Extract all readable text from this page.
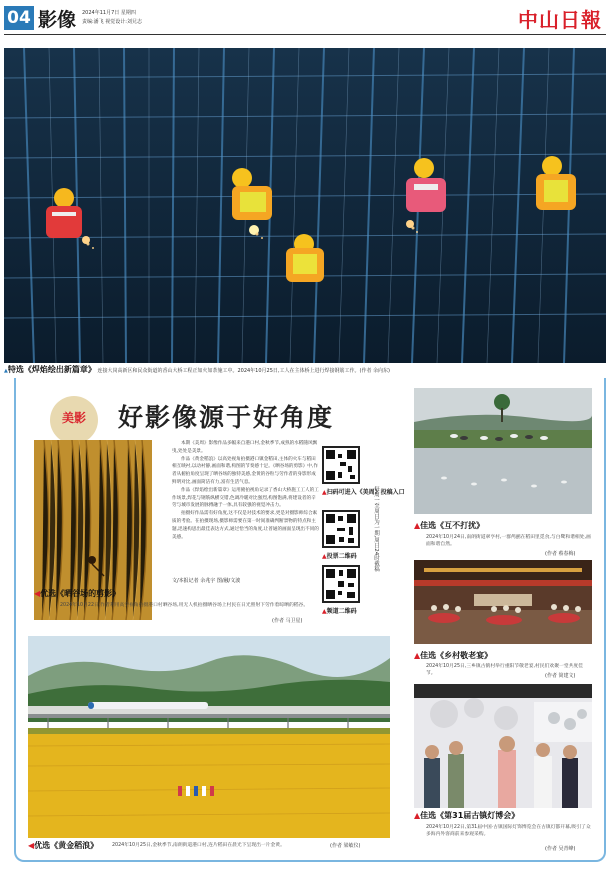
04 影像 2024年11月7日 星期四
责编:潘飞 视觉设计:刘兄志	中山日報
▲特选《焊焰绘出新篇章》 连接大岗高新区和民众街道的香山大桥工程正如火如荼施工中。2024年10月25日,工人在主体桥上进行焊接钢筋工作。(作者 余向东)
美影	好影像源于好角度

本期《美周》影像作品多幅来自港口村,金秋季节,成熟的水稻随风飘曳,处处是美景。

作品《黄金稻浪》以高处视角拍摄港口镇金稻田,主体的火车与稻田相互映衬,以动衬静,画面和谐,构图的节奏感十足。《晒谷场的剪影》中,作者从俯拍角度呈现了晒谷场的独特美感,金黄的谷粒与劳作者的身影形成鲜明对比,画面简洁有力,富有生活气息。

作品《焊焰绘出新篇章》运用俯拍视角记录了香山大桥施工工人的工作场景,焊花与钢筋纵横交错,色调冷暖对比强烈,构图饱满,将建设者的辛劳与城市发展的脉搏融于一体,具有较强的视觉冲击力。

拍摄好作品需有好角度,这不仅是对技术的要求,更是对摄影师综合素质的考验。在拍摄现场,摄影师需要在第一时间准确判断景物的特点和主题,迅速构思出最佳表达方式,通过恰当的角度,让普通的画面呈现出不同的美感。

文/本报记者 余兆宇 图/融/文波
▲扫码可进入《美周》投稿入口
▲投票二维码
▲频道二维码
每周一至周日为一期,周日24时截稿
◀优选《晒谷场的剪影》
2024年10月22日,作者利用高空视角拍摄港口村晒谷场,用无人机拍摄晒谷场上村民在日光照射下劳作着晾晒的稻谷。
(作者 马卫星)
◀优选《黄金稻浪》	2024年10月25日,金秋季节,南朗街道港口村,连片稻田在晨光下呈现出一片金黄。	(作者 梁敏仪)
▲佳选《互不打扰》
2024年10月24日,南朗街道翠亨村,一群鸬鹚在稻田里觅食,与白鹭和谐相处,画面和谐自然。
(作者 蔡春梅)
▲佳选《乡村敬老宴》
2024年10月25日,三乡镇古鹤村举行重阳节敬老宴,村民们欢聚一堂共度佳节。	(作者 简建文)
▲佳选《第31届古镇灯博会》
2024年10月22日,第31届中国·古镇国际灯饰博览会在古镇灯都开幕,吸引了众多海内外客商前来参观采购。
(作者 吴青峰)
